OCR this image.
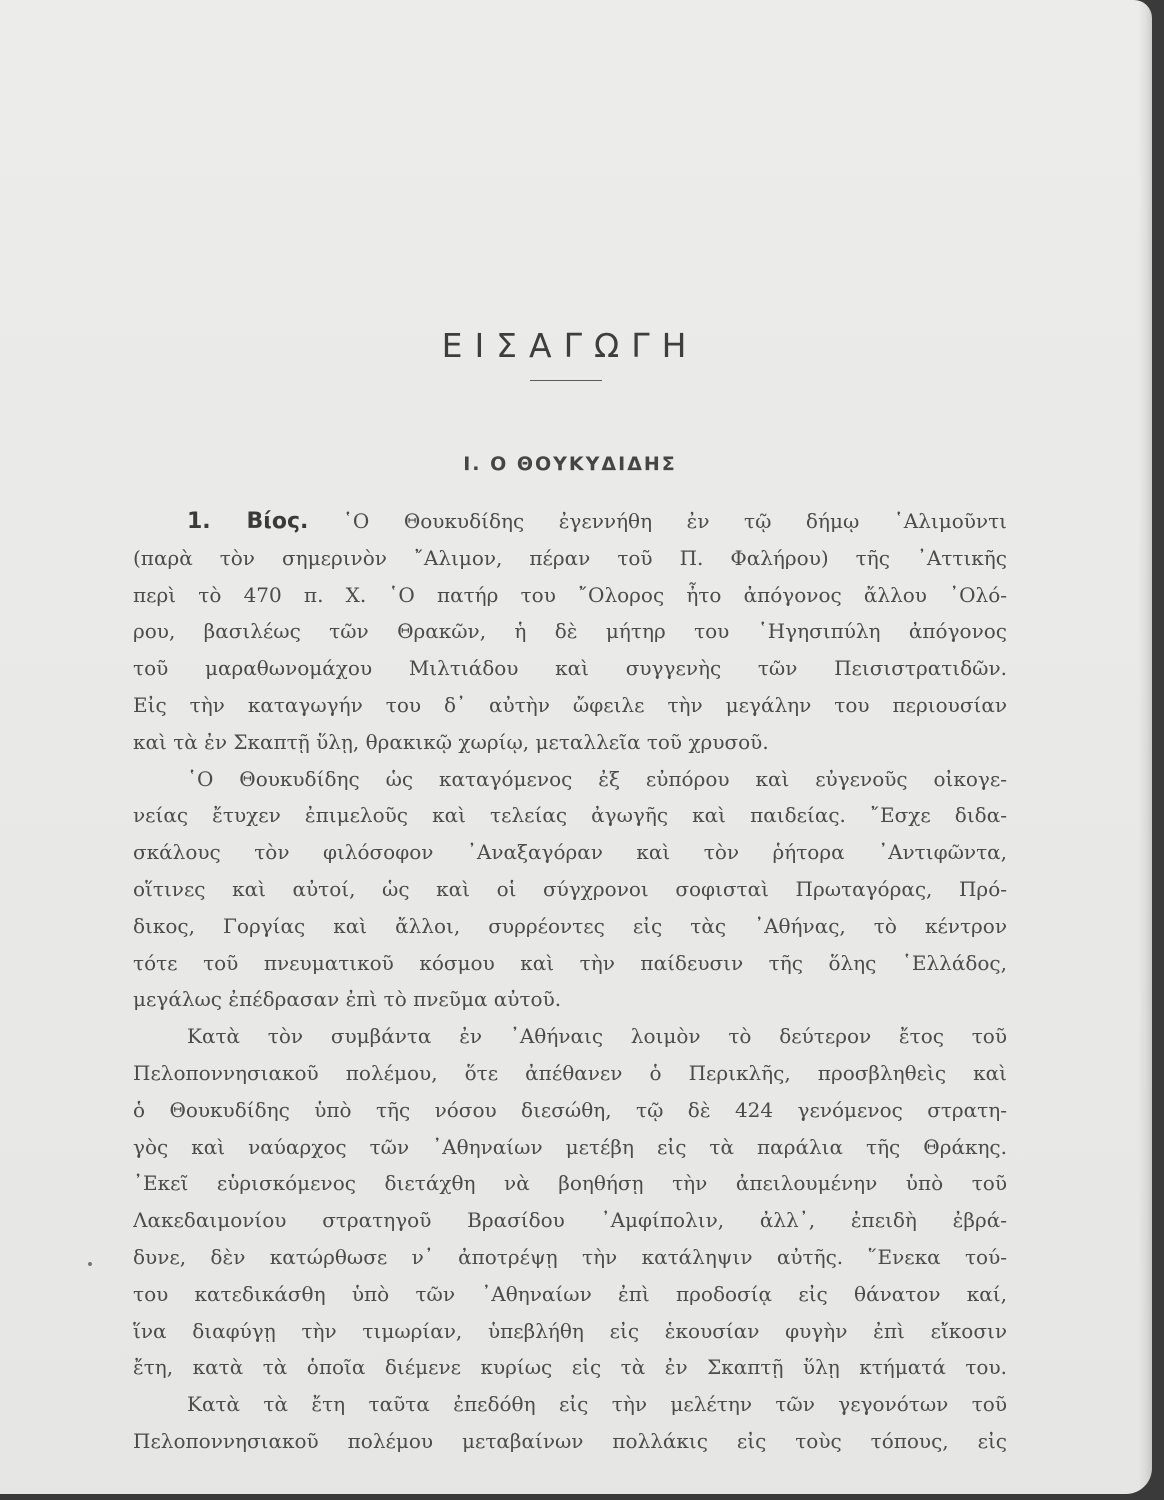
ΕΙΣΑΓΩΓΗ
Ι. Ο ΘΟΥΚΥΔΙΔΗΣ
1. Βίος. ῾Ο Θουκυδίδης ἐγεννήθη ἐν τῷ δήμῳ ῾Αλιμοῦντι
(παρὰ τὸν σημερινὸν ῎Αλιμον, πέραν τοῦ Π. Φαλήρου) τῆς ᾿Αττικῆς
περὶ τὸ 470 π. Χ. ῾Ο πατήρ του ῎Ολορος ἦτο ἀπόγονος ἄλλου ᾿Ολό-
ρου, βασιλέως τῶν Θρακῶν, ἡ δὲ μήτηρ του ῾Ηγησιπύλη ἀπόγονος
τοῦ μαραθωνομάχου Μιλτιάδου καὶ συγγενὴς τῶν Πεισιστρατιδῶν.
Εἰς τὴν καταγωγήν του δ᾿ αὐτὴν ὤφειλε τὴν μεγάλην του περιουσίαν
καὶ τὰ ἐν Σκαπτῇ ὕλῃ, θρακικῷ χωρίῳ, μεταλλεῖα τοῦ χρυσοῦ.
῾Ο Θουκυδίδης ὡς καταγόμενος ἐξ εὐπόρου καὶ εὐγενοῦς οἰκογε-
νείας ἔτυχεν ἐπιμελοῦς καὶ τελείας ἀγωγῆς καὶ παιδείας. ῎Εσχε διδα-
σκάλους τὸν φιλόσοφον ᾿Αναξαγόραν καὶ τὸν ῥήτορα ᾿Αντιφῶντα,
οἵτινες καὶ αὐτοί, ὡς καὶ οἱ σύγχρονοι σοφισταὶ Πρωταγόρας, Πρό-
δικος, Γοργίας καὶ ἄλλοι, συρρέοντες εἰς τὰς ᾿Αθήνας, τὸ κέντρον
τότε τοῦ πνευματικοῦ κόσμου καὶ τὴν παίδευσιν τῆς ὅλης ῾Ελλάδος,
μεγάλως ἐπέδρασαν ἐπὶ τὸ πνεῦμα αὐτοῦ.
Κατὰ τὸν συμβάντα ἐν ᾿Αθήναις λοιμὸν τὸ δεύτερον ἔτος τοῦ
Πελοποννησιακοῦ πολέμου, ὅτε ἀπέθανεν ὁ Περικλῆς, προσβληθεὶς καὶ
ὁ Θουκυδίδης ὑπὸ τῆς νόσου διεσώθη, τῷ δὲ 424 γενόμενος στρατη-
γὸς καὶ ναύαρχος τῶν ᾿Αθηναίων μετέβη εἰς τὰ παράλια τῆς Θράκης.
᾿Εκεῖ εὑρισκόμενος διετάχθη νὰ βοηθήσῃ τὴν ἀπειλουμένην ὑπὸ τοῦ
Λακεδαιμονίου στρατηγοῦ Βρασίδου ᾿Αμφίπολιν, ἀλλ᾿, ἐπειδὴ ἐβρά-
δυνε, δὲν κατώρθωσε ν᾿ ἀποτρέψῃ τὴν κατάληψιν αὐτῆς. ῞Ενεκα τού-
του κατεδικάσθη ὑπὸ τῶν ᾿Αθηναίων ἐπὶ προδοσίᾳ εἰς θάνατον καί,
ἵνα διαφύγῃ τὴν τιμωρίαν, ὑπεβλήθη εἰς ἑκουσίαν φυγὴν ἐπὶ εἴκοσιν
ἔτη, κατὰ τὰ ὁποῖα διέμενε κυρίως εἰς τὰ ἐν Σκαπτῇ ὕλῃ κτήματά του.
Κατὰ τὰ ἔτη ταῦτα ἐπεδόθη εἰς τὴν μελέτην τῶν γεγονότων τοῦ
Πελοποννησιακοῦ πολέμου μεταβαίνων πολλάκις εἰς τοὺς τόπους, εἰς
